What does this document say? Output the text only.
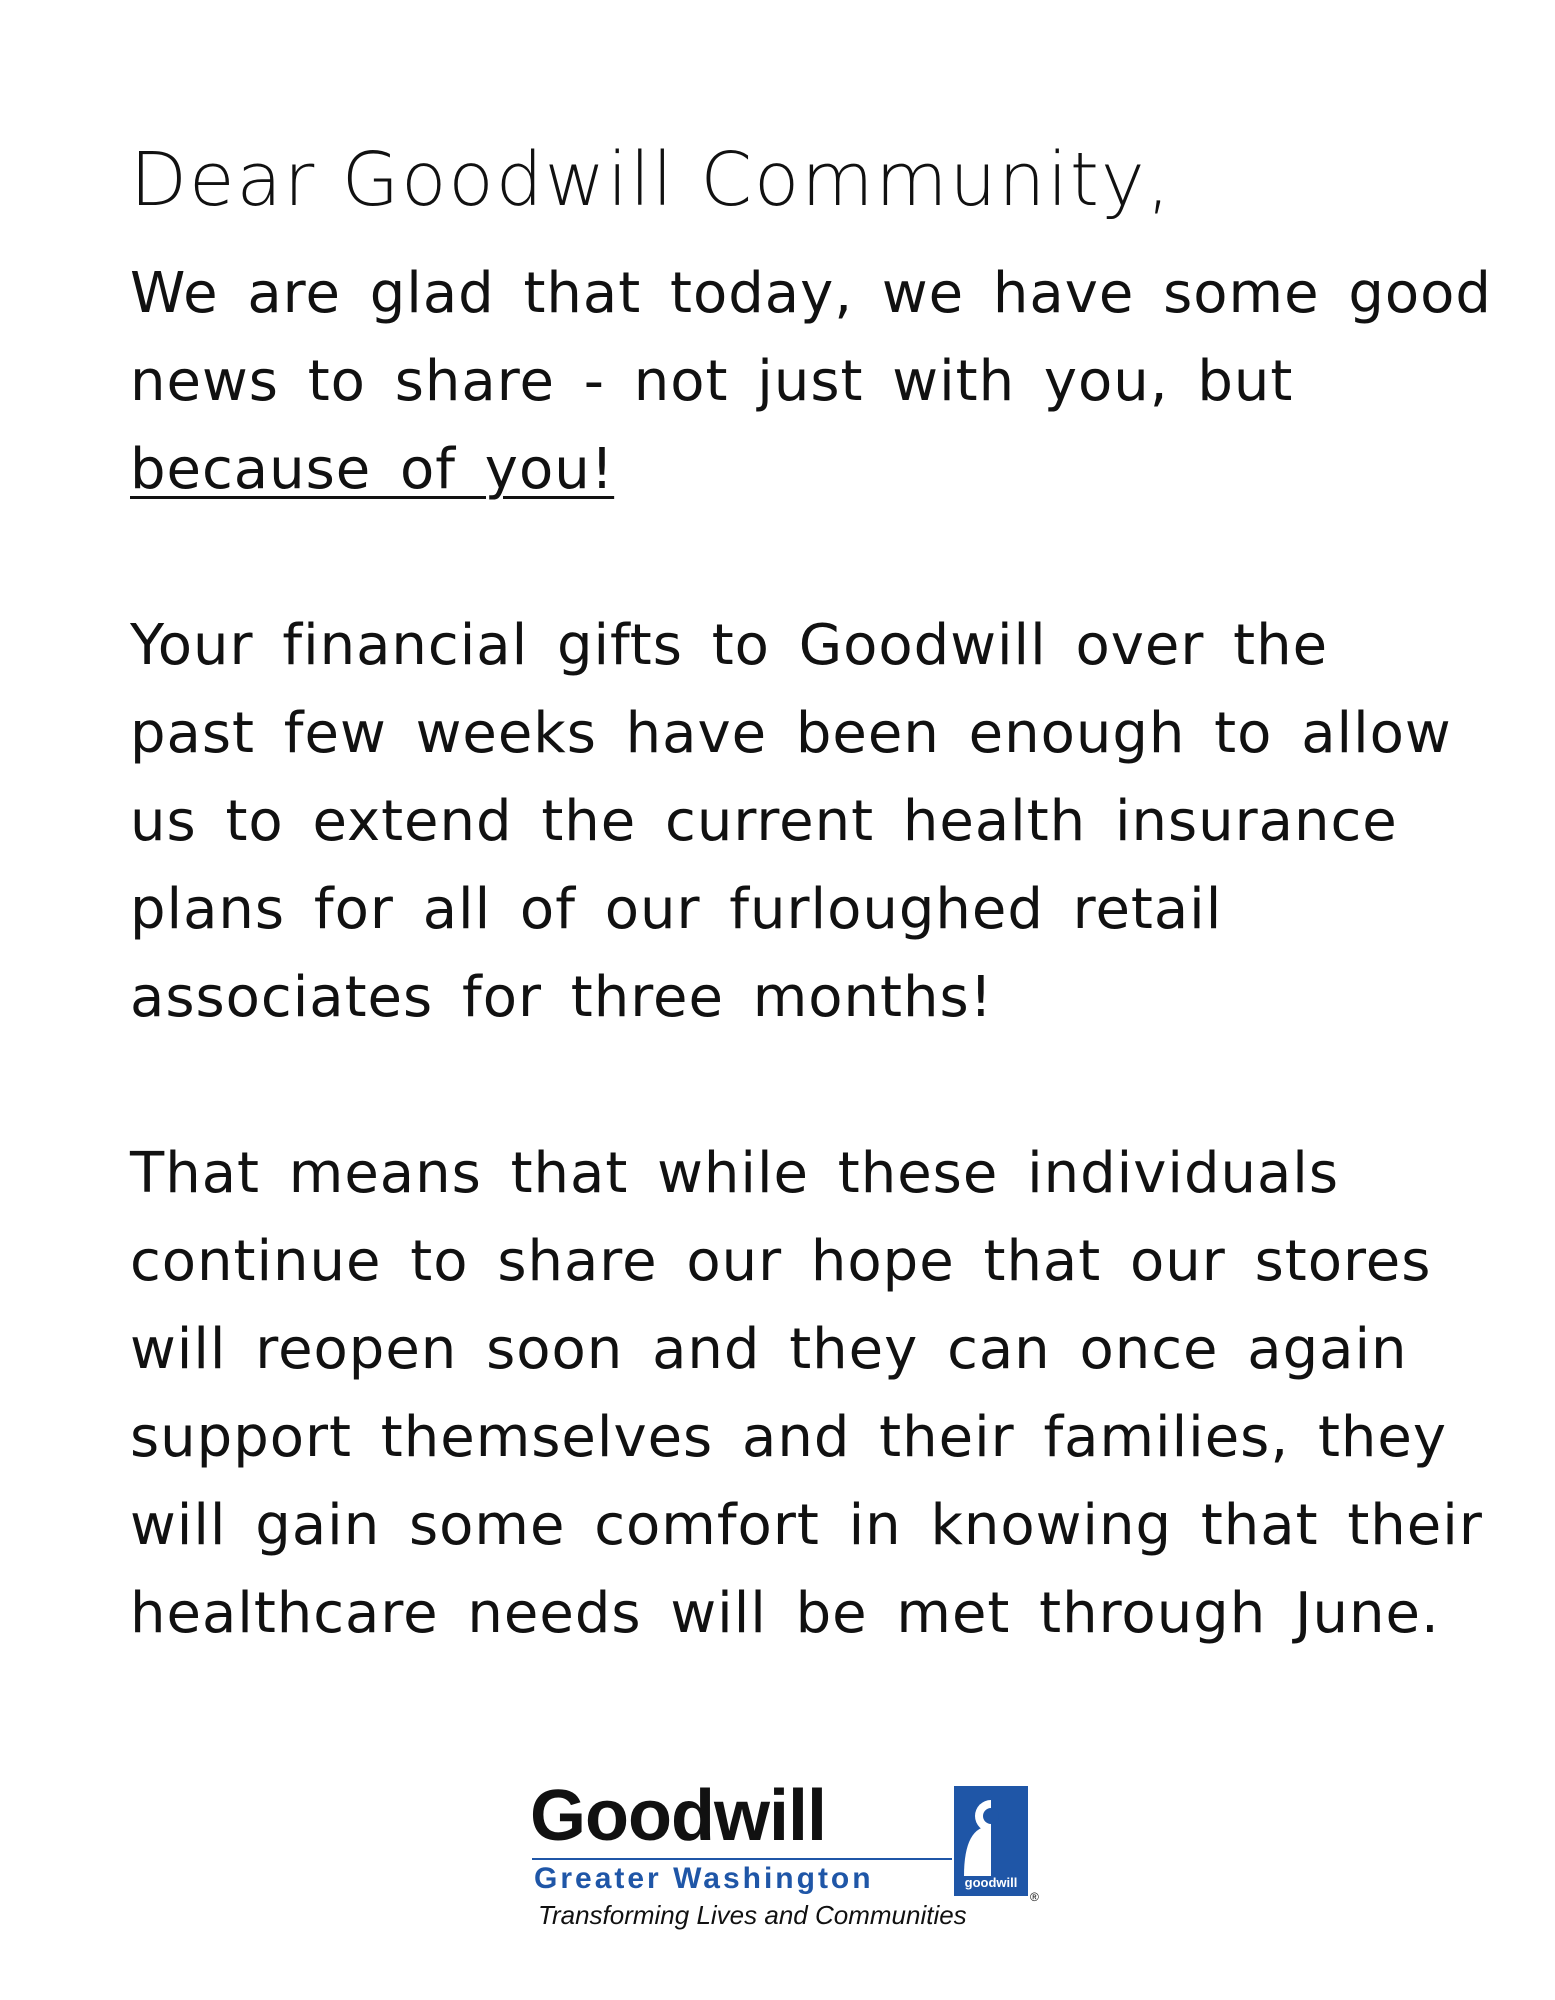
Dear Goodwill Community,

We are glad that today, we have some good
news to share - not just with you, but
because of you!

Your financial gifts to Goodwill over the
past few weeks have been enough to allow
us to extend the current health insurance
plans for all of our furloughed retail
associates for three months!

That means that while these individuals
continue to share our hope that our stores
will reopen soon and they can once again
support themselves and their families, they
will gain some comfort in knowing that their
healthcare needs will be met through June.

Goodwill
goodwill
Greater Washington
®
Transforming Lives and Communities
